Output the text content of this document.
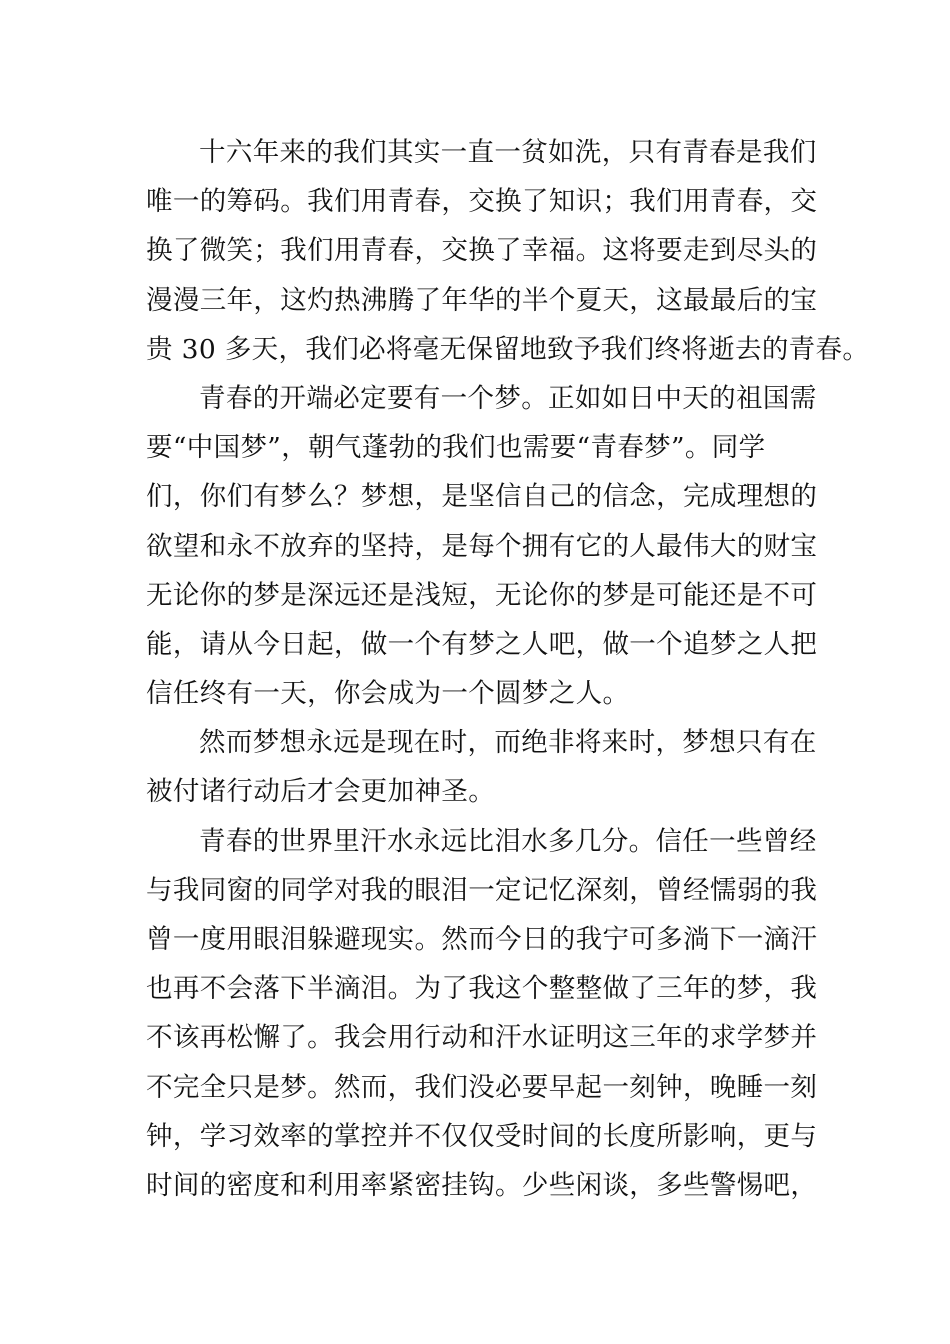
十六年来的我们其实一直一贫如洗，只有青春是我们
唯一的筹码。我们用青春，交换了知识；我们用青春，交
换了微笑；我们用青春，交换了幸福。这将要走到尽头的
漫漫三年，这灼热沸腾了年华的半个夏天，这最最后的宝
贵 30 多天，我们必将毫无保留地致予我们终将逝去的青春。
青春的开端必定要有一个梦。正如如日中天的祖国需
要“中国梦”，朝气蓬勃的我们也需要“青春梦”。同学
们，你们有梦么？梦想，是坚信自己的信念，完成理想的
欲望和永不放弃的坚持，是每个拥有它的人最伟大的财宝
无论你的梦是深远还是浅短，无论你的梦是可能还是不可
能，请从今日起，做一个有梦之人吧，做一个追梦之人把
信任终有一天，你会成为一个圆梦之人。
然而梦想永远是现在时，而绝非将来时，梦想只有在
被付诸行动后才会更加神圣。
青春的世界里汗水永远比泪水多几分。信任一些曾经
与我同窗的同学对我的眼泪一定记忆深刻，曾经懦弱的我
曾一度用眼泪躲避现实。然而今日的我宁可多淌下一滴汗
也再不会落下半滴泪。为了我这个整整做了三年的梦，我
不该再松懈了。我会用行动和汗水证明这三年的求学梦并
不完全只是梦。然而，我们没必要早起一刻钟，晚睡一刻
钟，学习效率的掌控并不仅仅受时间的长度所影响，更与
时间的密度和利用率紧密挂钩。少些闲谈，多些警惕吧，
